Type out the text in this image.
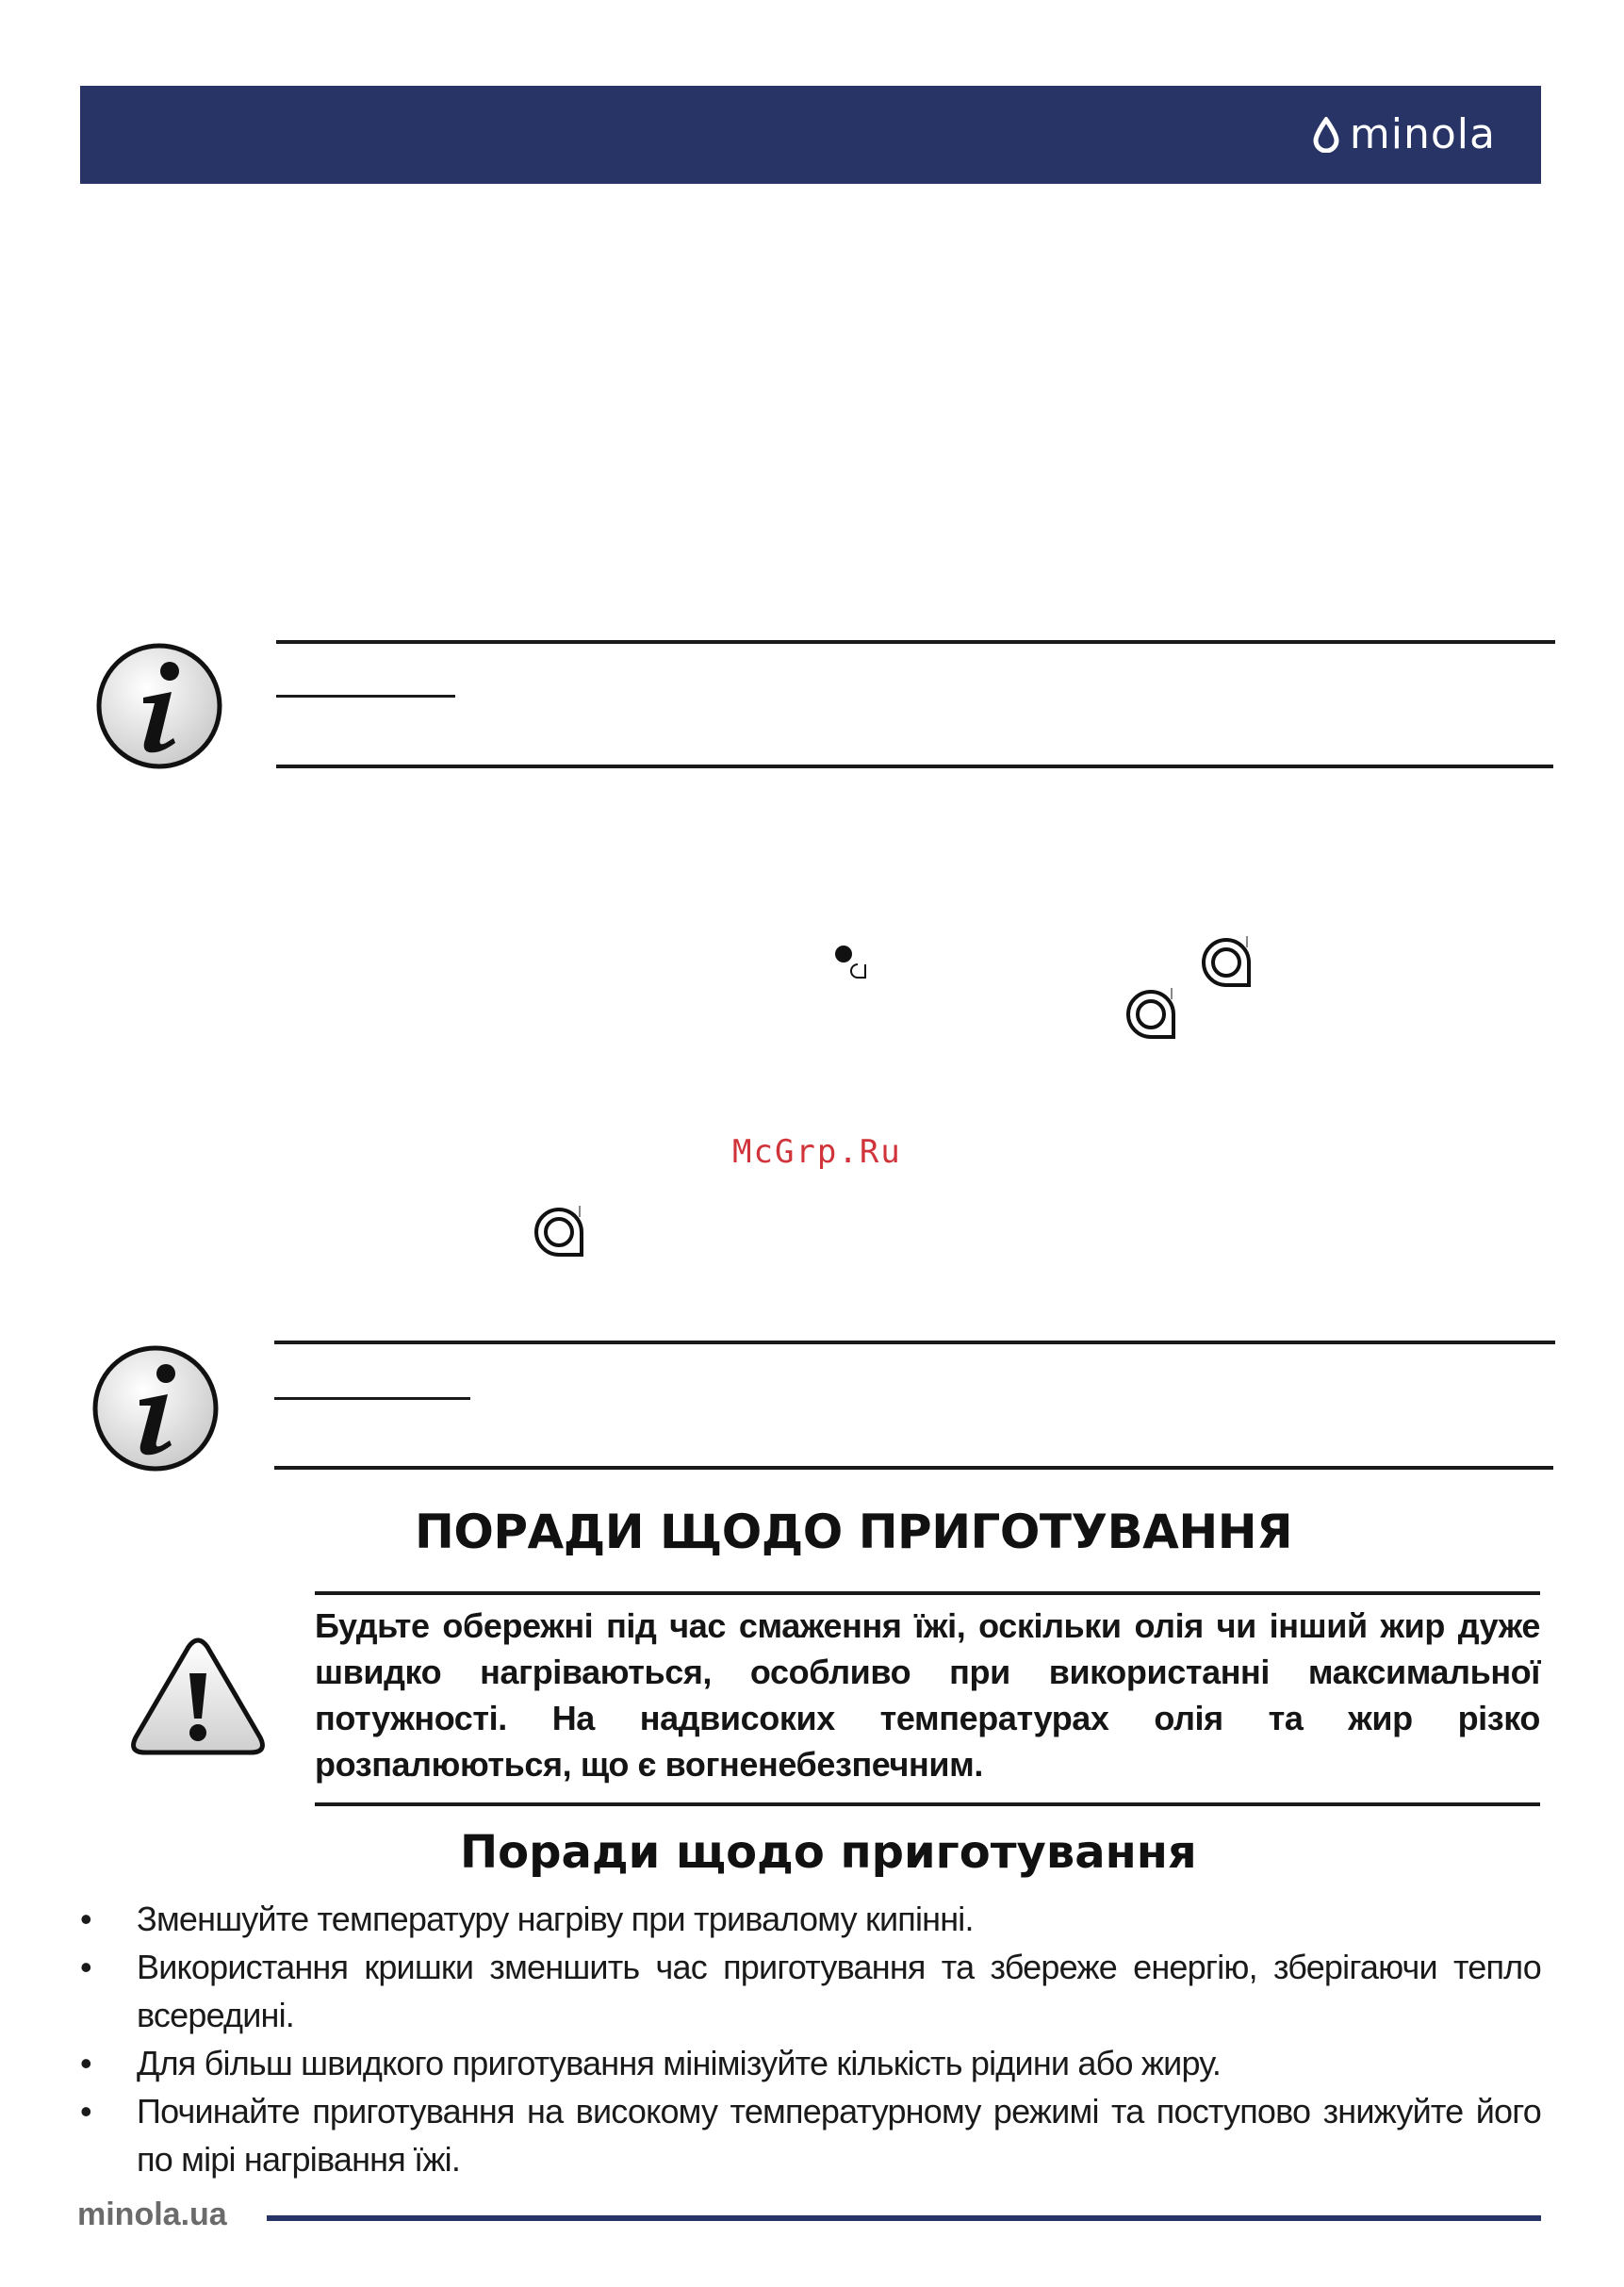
minola
McGrp.Ru
ПОРАДИ ЩОДО ПРИГОТУВАННЯ
Будьте обережні під час смаження їжі, оскільки олія чи інший жир дуже швидко нагріваються, особливо при використанні максимальної потужності. На надвисоких температурах олія та жир різко розпалюються, що є вогненебезпечним.
Поради щодо приготування
• Зменшуйте температуру нагріву при тривалому кипінні.
• Використання кришки зменшить час приготування та збереже енергію, зберігаючи тепло всередині.
• Для більш швидкого приготування мінімізуйте кількість рідини або жиру.
• Починайте приготування на високому температурному режимі та поступово знижуйте його по мірі нагрівання їжі.
minola.ua
